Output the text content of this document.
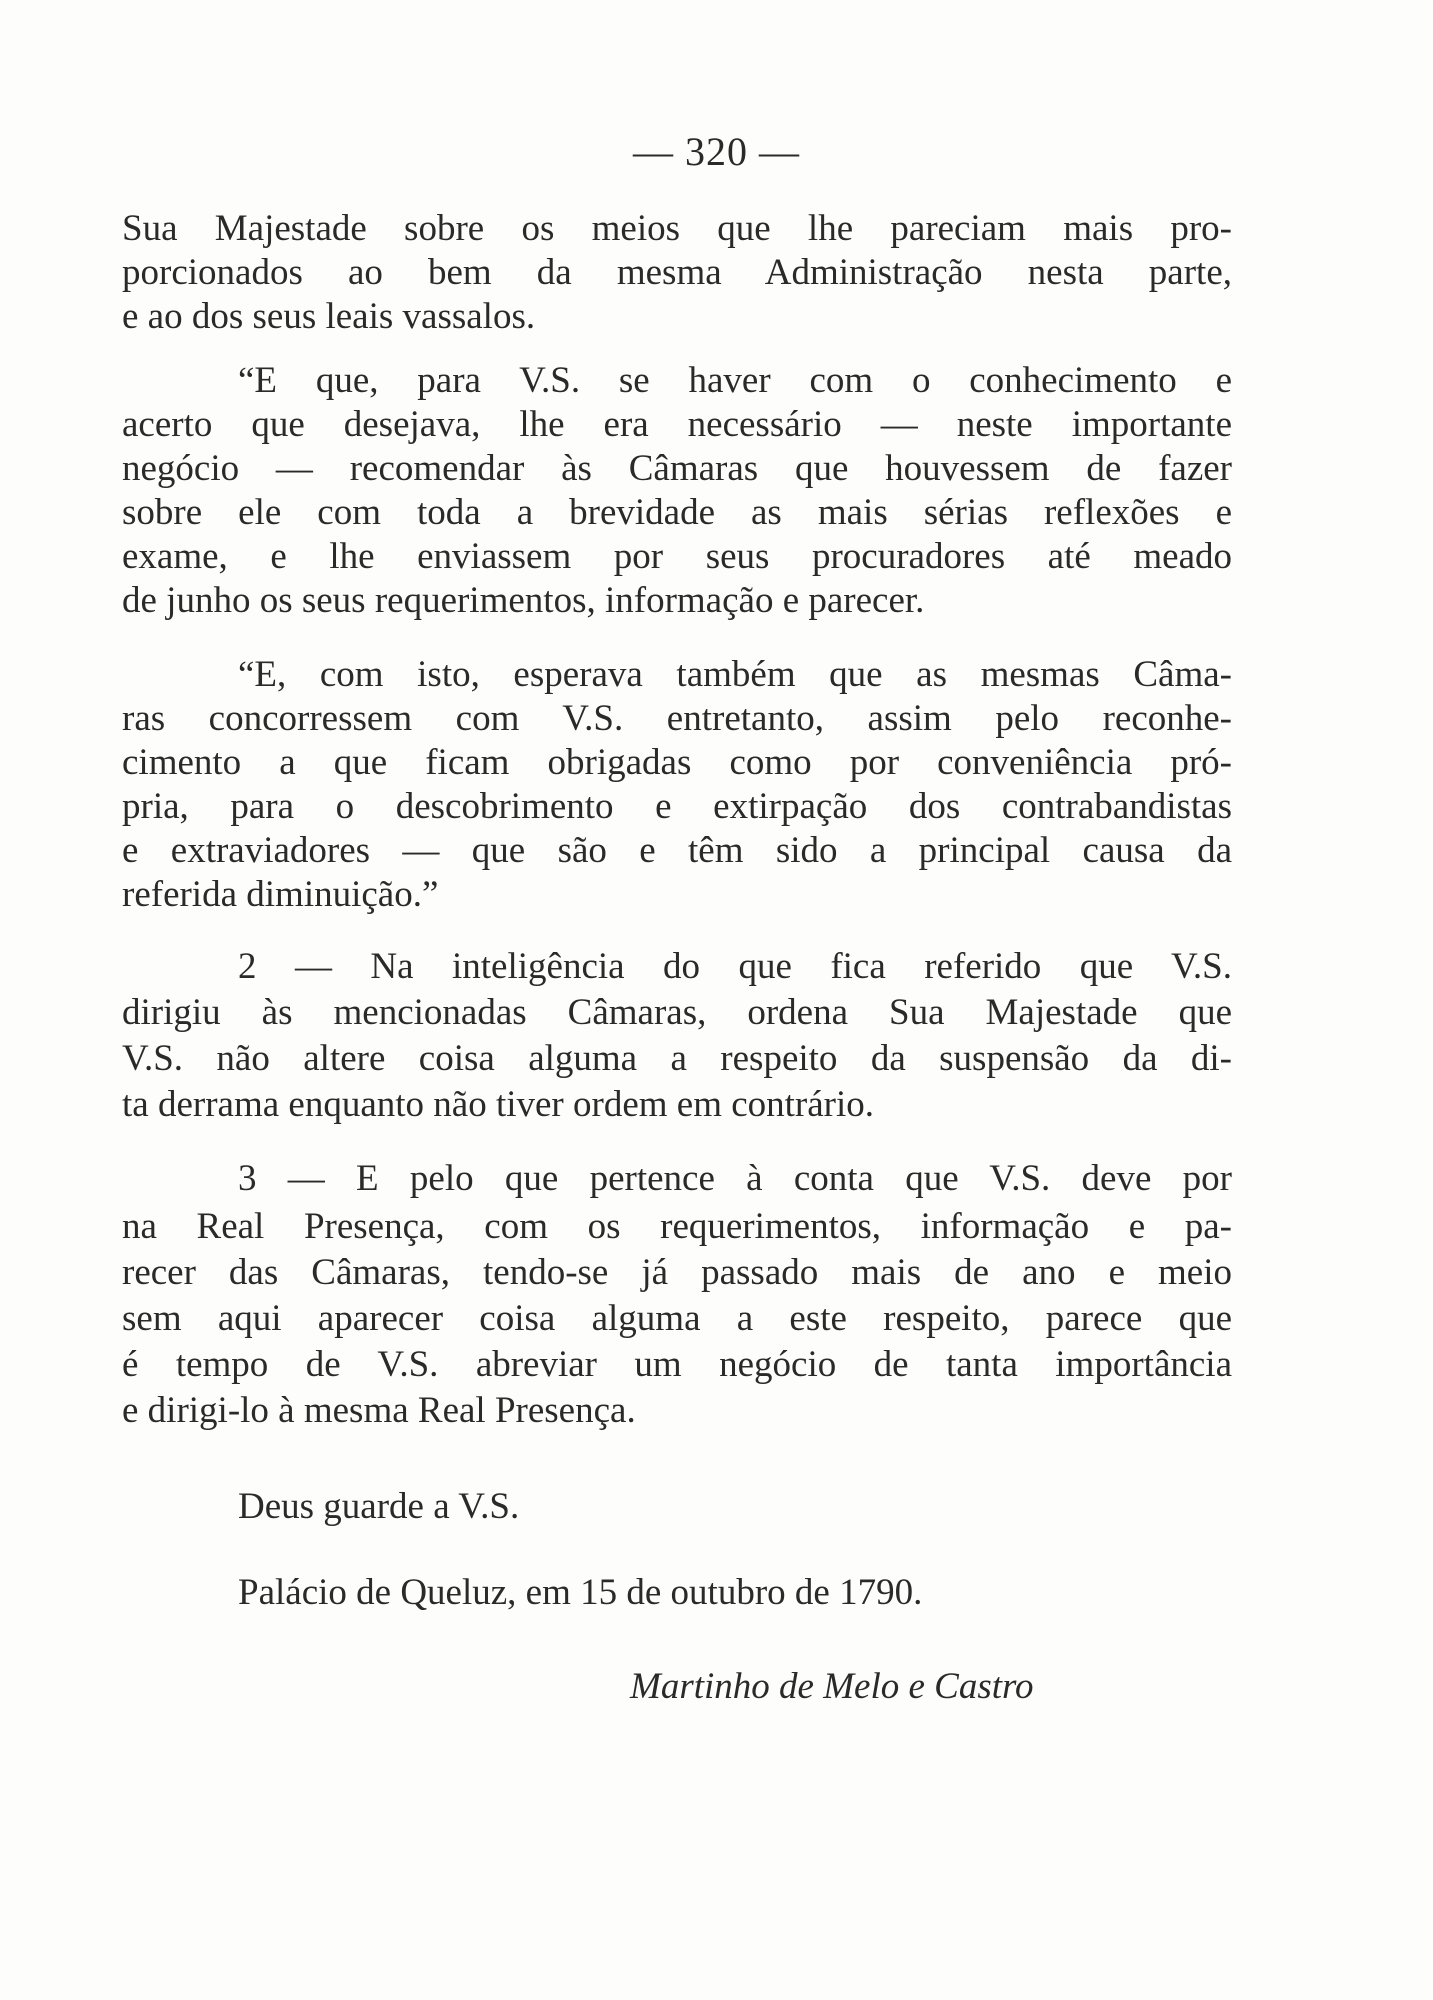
— 320 —
Sua Majestade sobre os meios que lhe pareciam mais pro-
porcionados ao bem da mesma Administração nesta parte,
e ao dos seus leais vassalos.
“E que, para V.S. se haver com o conhecimento e
acerto que desejava, lhe era necessário — neste importante
negócio — recomendar às Câmaras que houvessem de fazer
sobre ele com toda a brevidade as mais sérias reflexões e
exame, e lhe enviassem por seus procuradores até meado
de junho os seus requerimentos, informação e parecer.
“E, com isto, esperava também que as mesmas Câma-
ras concorressem com V.S. entretanto, assim pelo reconhe-
cimento a que ficam obrigadas como por conveniência pró-
pria, para o descobrimento e extirpação dos contrabandistas
e extraviadores — que são e têm sido a principal causa da
referida diminuição.”
2 — Na inteligência do que fica referido que V.S.
dirigiu às mencionadas Câmaras, ordena Sua Majestade que
V.S. não altere coisa alguma a respeito da suspensão da di-
ta derrama enquanto não tiver ordem em contrário.
3 — E pelo que pertence à conta que V.S. deve por
na Real Presença, com os requerimentos, informação e pa-
recer das Câmaras, tendo-se já passado mais de ano e meio
sem aqui aparecer coisa alguma a este respeito, parece que
é tempo de V.S. abreviar um negócio de tanta importância
e dirigi-lo à mesma Real Presença.
Deus guarde a V.S.
Palácio de Queluz, em 15 de outubro de 1790.
Martinho de Melo e Castro
